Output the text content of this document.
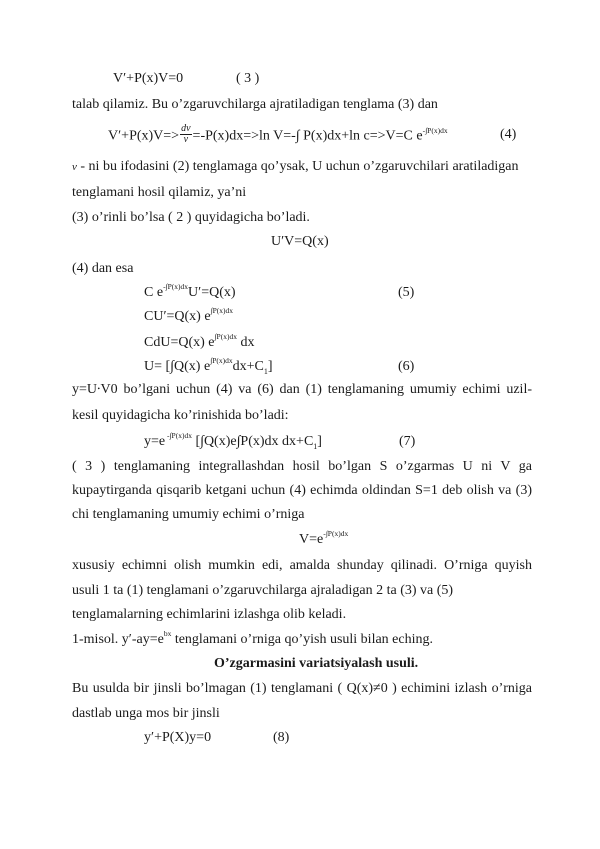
V′+P(x)V=0	( 3 )
talab qilamiz. Bu o’zgaruvchilarga ajratiladigan tenglama (3) dan
$V'+P(x)V=> \frac{dv}{v} =-P(x)dx=>\ln$ V=-∫ P(x)dx+ln c=>V=C $e^{-\int P(x)dx}$	(4)
v - ni bu ifodasini (2) tenglamaga qo’ysak, U uchun o’zgaruvchilari aratiladigan
tenglamani hosil qilamiz, ya’ni
(3) o’rinli bo’lsa ( 2 ) quyidagicha bo’ladi.
U′V=Q(x)
(4) dan esa
C $e^{-\int P(x)dx}U'=Q(x)$	(5)
CU′=Q(x) $e^{\int P(x)dx}$
CdU=Q(x) $e^{\int P(x)dx}$ dx
U= [∫Q(x) $e^{\int P(x)dx}dx+C_1$]	(6)
y=U∙V0 bo’lgani uchun (4) va (6) dan (1) tenglamaning umumiy echimi uzil-
kesil quyidagicha ko’rinishida bo’ladi:
y=e $^{-\int P(x)dx}$ [∫Q(x)e∫P(x)dx $dx+C_1$]	(7)
( 3 ) tenglamaning integrallashdan hosil bo’lgan S o’zgarmas U ni V ga
kupaytirganda qisqarib ketgani uchun (4) echimda oldindan S=1 deb olish va (3)
chi tenglamaning umumiy echimi o’rniga
$V=e^{-\int P(x)dx}$
xususiy echimni olish mumkin edi, amalda shunday qilinadi. O’rniga quyish
usuli 1 ta (1) tenglamani o’zgaruvchilarga ajraladigan 2 ta (3) va (5)
tenglamalarning echimlarini izlashga olib keladi.
1-misol. $y'-ay=e^{bx}$ tenglamani o’rniga qo’yish usuli bilan eching.
O’zgarmasini variatsiyalash usuli.
Bu usulda bir jinsli bo’lmagan (1) tenglamani ( Q(x)≠0 ) echimini izlash o’rniga
dastlab unga mos bir jinsli
y′+P(X)y=0	(8)
